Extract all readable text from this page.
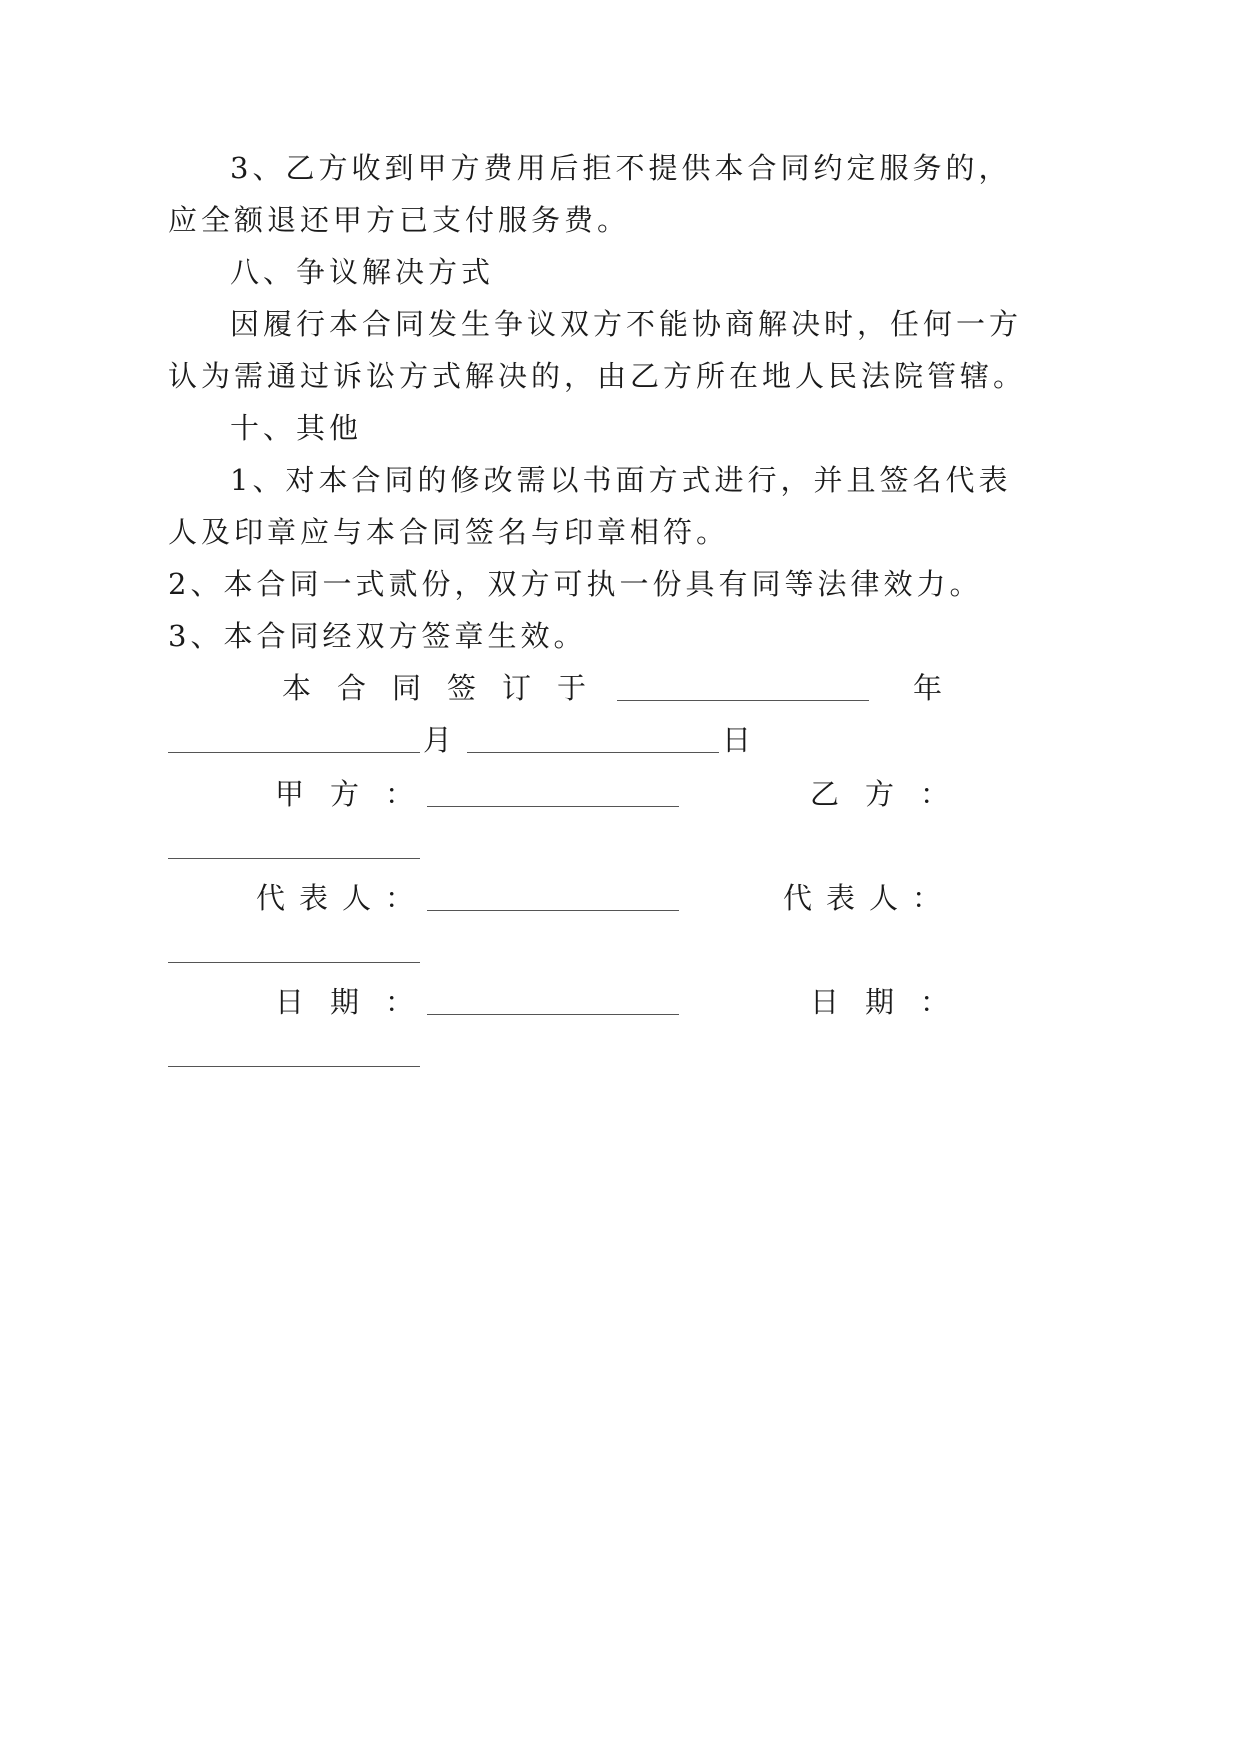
3、乙方收到甲方费用后拒不提供本合同约定服务的，
应全额退还甲方已支付服务费。
八、争议解决方式
因履行本合同发生争议双方不能协商解决时，任何一方
认为需通过诉讼方式解决的，由乙方所在地人民法院管辖。
十、其他
1、对本合同的修改需以书面方式进行，并且签名代表
人及印章应与本合同签名与印章相符。
2、本合同一式贰份，双方可执一份具有同等法律效力。
3、本合同经双方签章生效。
本合同签订于	年
月	日
甲方：	乙方：
代表人：	代表人：
日期：	日期：
